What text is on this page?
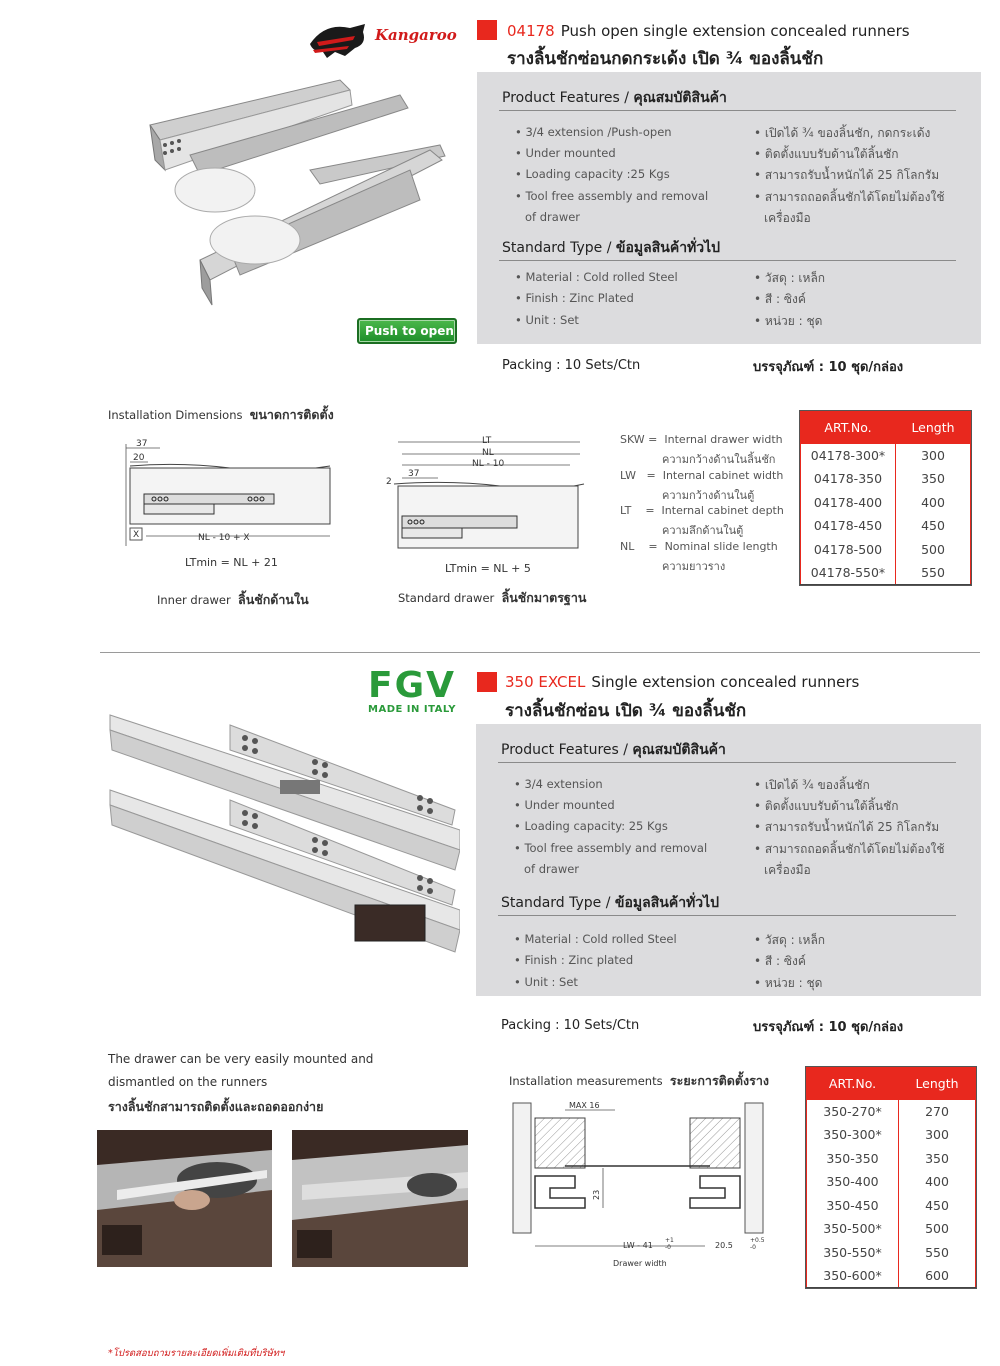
Kangaroo	04178 Push open single extension concealed runners
รางลิ้นชักซ่อนกดกระเด้ง เปิด ¾ ของลิ้นชัก
Product Features / คุณสมบัติสินค้า
• 3/4 extension /Push-open
• Under mounted
• Loading capacity :25 Kgs
• Tool free assembly and removal
of drawer
• เปิดได้ ¾ ของลิ้นชัก, กดกระเด้ง
• ติดตั้งแบบรับด้านใต้ลิ้นชัก
• สามารถรับน้ำหนักได้ 25 กิโลกรัม
• สามารถถอดลิ้นชักได้โดยไม่ต้องใช้
เครื่องมือ
Standard Type / ข้อมูลสินค้าทั่วไป
• Material : Cold rolled Steel
• Finish : Zinc Plated
• Unit : Set
• วัสดุ : เหล็ก
• สี : ซิงค์
• หน่วย : ชุด
Push to open ✎
Packing : 10 Sets/Ctn	บรรจุภัณฑ์ : 10 ชุด/กล่อง
Installation Dimensions ขนาดการติดตั้ง
37
20
NL - 10 + X
X
LTmin = NL + 21
Inner drawer ลิ้นชักด้านใน
LT
NL
NL - 10
37
2
LTmin = NL + 5
Standard drawer ลิ้นชักมาตรฐาน
SKW =  Internal drawer width
ความกว้างด้านในลิ้นชัก
LW   =  Internal cabinet width
ความกว้างด้านในตู้
LT    =  Internal cabinet depth
ความลึกด้านในตู้
NL    =  Nominal slide length
ความยาวราง
ART.No.	Length
04178-300*	300
04178-350	350
04178-400	400
04178-450	450
04178-500	500
04178-550*	550
FGV
MADE IN ITALY
350 EXCEL Single extension concealed runners
รางลิ้นชักซ่อน เปิด ¾ ของลิ้นชัก
Product Features / คุณสมบัติสินค้า
• 3/4 extension
• Under mounted
• Loading capacity: 25 Kgs
• Tool free assembly and removal
of drawer
• เปิดได้ ¾ ของลิ้นชัก
• ติดตั้งแบบรับด้านใต้ลิ้นชัก
• สามารถรับน้ำหนักได้ 25 กิโลกรัม
• สามารถถอดลิ้นชักได้โดยไม่ต้องใช้
เครื่องมือ
Standard Type / ข้อมูลสินค้าทั่วไป
• Material : Cold rolled Steel
• Finish : Zinc plated
• Unit : Set
• วัสดุ : เหล็ก
• สี : ซิงค์
• หน่วย : ชุด
Packing : 10 Sets/Ctn	บรรจุภัณฑ์ : 10 ชุด/กล่อง
The drawer can be very easily mounted and
dismantled on the runners
รางลิ้นชักสามารถติดตั้งและถอดออกง่าย
Installation measurements ระยะการติดตั้งราง
MAX 16
23
LW - 41
+1
-0	20.5
+0.5
-0
Drawer width
ART.No.	Length
350-270*	270
350-300*	300
350-350	350
350-400	400
350-450	450
350-500*	500
350-550*	550
350-600*	600
*โปรดสอบถามรายละเอียดเพิ่มเติมที่บริษัทฯ
